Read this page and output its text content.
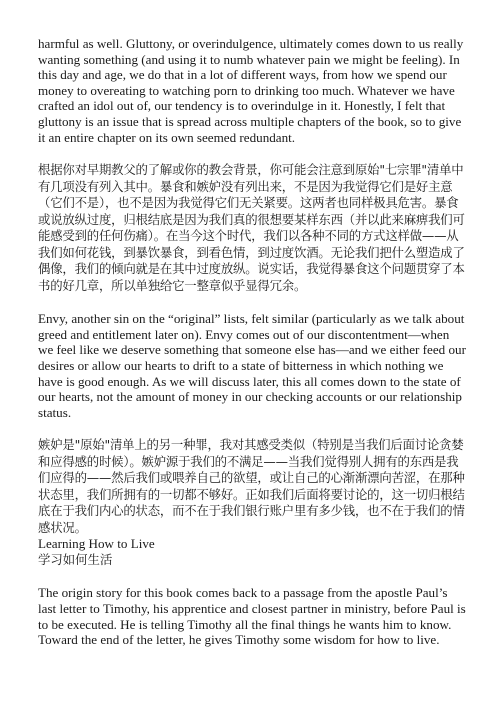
harmful as well. Gluttony, or overindulgence, ultimately comes down to us really wanting something (and using it to numb whatever pain we might be feeling). In this day and age, we do that in a lot of different ways, from how we spend our money to overeating to watching porn to drinking too much. Whatever we have crafted an idol out of, our tendency is to overindulge in it. Honestly, I felt that gluttony is an issue that is spread across multiple chapters of the book, so to give it an entire chapter on its own seemed redundant.

根据你对早期教父的了解或你的教会背景，你可能会注意到原始"七宗罪"清单中有几项没有列入其中。暴食和嫉妒没有列出来，不是因为我觉得它们是好主意（它们不是），也不是因为我觉得它们无关紧要。这两者也同样极具危害。暴食或说放纵过度，归根结底是因为我们真的很想要某样东西（并以此来麻痹我们可能感受到的任何伤痛）。在当今这个时代，我们以各种不同的方式这样做——从我们如何花钱，到暴饮暴食，到看色情，到过度饮酒。无论我们把什么塑造成了偶像，我们的倾向就是在其中过度放纵。说实话，我觉得暴食这个问题贯穿了本书的好几章，所以单独给它一整章似乎显得冗余。

Envy, another sin on the “original” lists, felt similar (particularly as we talk about greed and entitlement later on). Envy comes out of our discontentment—when we feel like we deserve something that someone else has—and we either feed our desires or allow our hearts to drift to a state of bitterness in which nothing we have is good enough. As we will discuss later, this all comes down to the state of our hearts, not the amount of money in our checking accounts or our relationship status.

嫉妒是"原始"清单上的另一种罪，我对其感受类似（特别是当我们后面讨论贪婪和应得感的时候）。嫉妒源于我们的不满足——当我们觉得别人拥有的东西是我们应得的——然后我们或喂养自己的欲望，或让自己的心渐渐漂向苦涩，在那种状态里，我们所拥有的一切都不够好。正如我们后面将要讨论的，这一切归根结底在于我们内心的状态，而不在于我们银行账户里有多少钱，也不在于我们的情感状况。

Learning How to Live

学习如何生活

The origin story for this book comes back to a passage from the apostle Paul’s last letter to Timothy, his apprentice and closest partner in ministry, before Paul is to be executed. He is telling Timothy all the final things he wants him to know. Toward the end of the letter, he gives Timothy some wisdom for how to live.
